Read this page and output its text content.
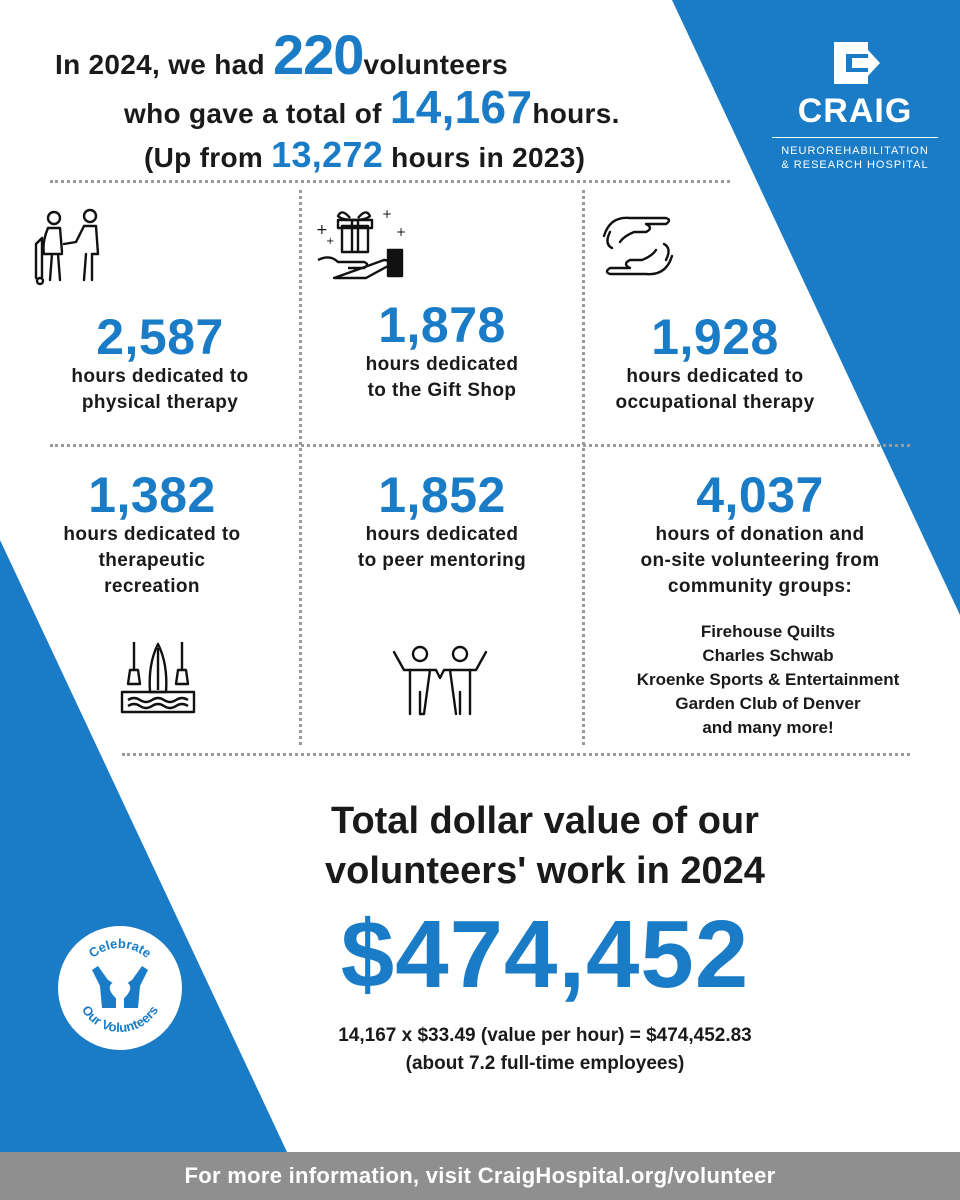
In 2024, we had 220volunteers
who gave a total of 14,167hours.
(Up from 13,272 hours in 2023)
CRAIG
NEUROREHABILITATION
& RESEARCH HOSPITAL
+
+
+
+
2,587
hours dedicated to
physical therapy
1,878
hours dedicated
to the Gift Shop
1,928
hours dedicated to
occupational therapy
1,382
hours dedicated to
therapeutic
recreation
1,852
hours dedicated
to peer mentoring
4,037
hours of donation and
on-site volunteering from
community groups:
Firehouse Quilts
Charles Schwab
Kroenke Sports & Entertainment
Garden Club of Denver
and many more!
Total dollar value of our
volunteers' work in 2024
$474,452
14,167 x $33.49 (value per hour) = $474,452.83
(about 7.2 full-time employees)
Celebrate
Our Volunteers
For more information, visit CraigHospital.org/volunteer
